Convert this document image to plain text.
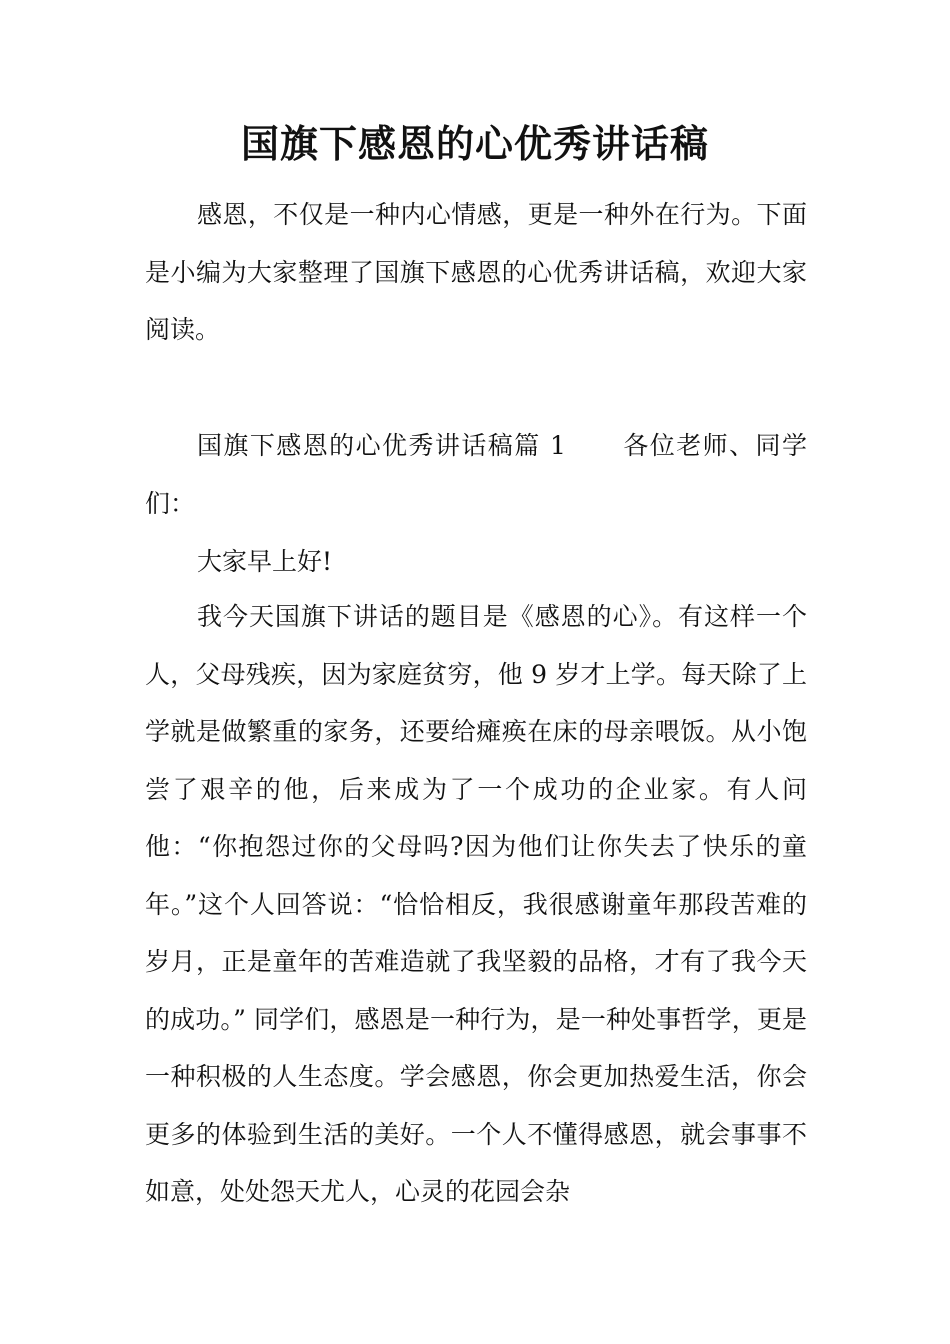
国旗下感恩的心优秀讲话稿

感恩，不仅是一种内心情感，更是一种外在行为。下面是小编为大家整理了国旗下感恩的心优秀讲话稿，欢迎大家阅读。

国旗下感恩的心优秀讲话稿篇 1 各位老师、同学们：

大家早上好!

我今天国旗下讲话的题目是《感恩的心》。有这样一个人，父母残疾，因为家庭贫穷，他 9 岁才上学。每天除了上学就是做繁重的家务，还要给瘫痪在床的母亲喂饭。从小饱尝了艰辛的他，后来成为了一个成功的企业家。有人问他：“你抱怨过你的父母吗?因为他们让你失去了快乐的童年。”这个人回答说：“恰恰相反，我很感谢童年那段苦难的岁月，正是童年的苦难造就了我坚毅的品格，才有了我今天的成功。” 同学们，感恩是一种行为，是一种处事哲学，更是一种积极的人生态度。学会感恩，你会更加热爱生活，你会更多的体验到生活的美好。一个人不懂得感恩，就会事事不如意，处处怨天尤人，心灵的花园会杂
